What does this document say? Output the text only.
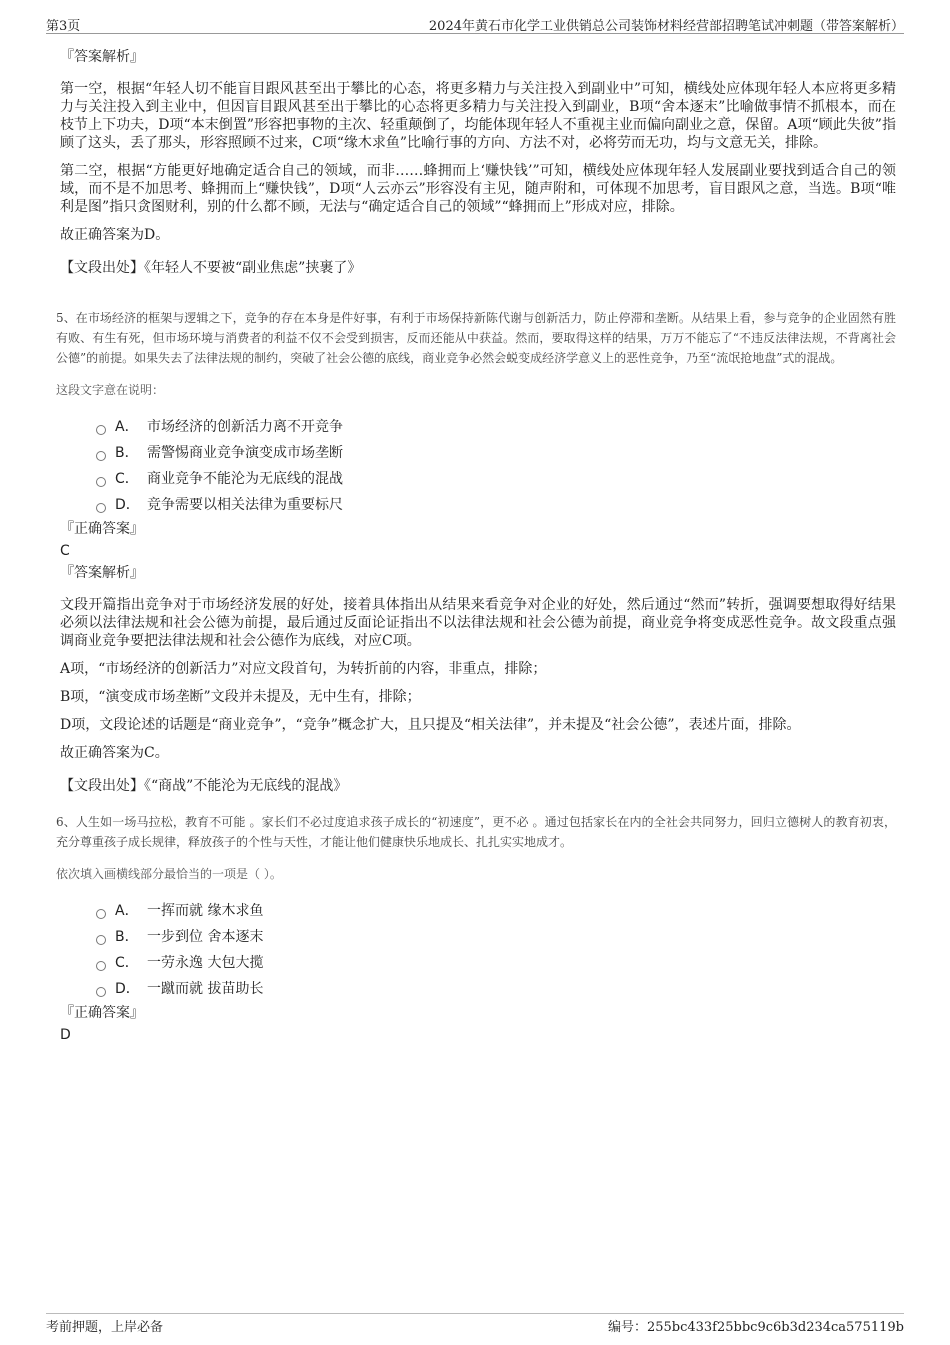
第3页	2024年黄石市化学工业供销总公司装饰材料经营部招聘笔试冲刺题（带答案解析）

『答案解析』

第一空，根据“年轻人切不能盲目跟风甚至出于攀比的心态，将更多精力与关注投入到副业中”可知，横线处应体现年轻人本应将更多精力与关注投入到主业中，但因盲目跟风甚至出于攀比的心态将更多精力与关注投入到副业，B项“舍本逐末”比喻做事情不抓根本，而在枝节上下功夫，D项“本末倒置”形容把事物的主次、轻重颠倒了，均能体现年轻人不重视主业而偏向副业之意，保留。A项“顾此失彼”指顾了这头，丢了那头，形容照顾不过来，C项“缘木求鱼”比喻行事的方向、方法不对，必将劳而无功，均与文意无关，排除。

第二空，根据“方能更好地确定适合自己的领域，而非……蜂拥而上‘赚快钱’”可知，横线处应体现年轻人发展副业要找到适合自己的领域，而不是不加思考、蜂拥而上“赚快钱”，D项“人云亦云”形容没有主见，随声附和，可体现不加思考，盲目跟风之意，当选。B项“唯利是图”指只贪图财利，别的什么都不顾，无法与“确定适合自己的领域”“蜂拥而上”形成对应，排除。

故正确答案为D。

【文段出处】《年轻人不要被“副业焦虑”挟裹了》

5、在市场经济的框架与逻辑之下，竞争的存在本身是件好事，有利于市场保持新陈代谢与创新活力，防止停滞和垄断。从结果上看，参与竞争的企业固然有胜有败、有生有死，但市场环境与消费者的利益不仅不会受到损害，反而还能从中获益。然而，要取得这样的结果，万万不能忘了“不违反法律法规，不背离社会公德”的前提。如果失去了法律法规的制约，突破了社会公德的底线，商业竞争必然会蜕变成经济学意义上的恶性竞争，乃至“流氓抢地盘”式的混战。

这段文字意在说明：

A． 市场经济的创新活力离不开竞争
B． 需警惕商业竞争演变成市场垄断
C． 商业竞争不能沦为无底线的混战
D． 竞争需要以相关法律为重要标尺

『正确答案』

C

『答案解析』

文段开篇指出竞争对于市场经济发展的好处，接着具体指出从结果来看竞争对企业的好处，然后通过“然而”转折，强调要想取得好结果必须以法律法规和社会公德为前提，最后通过反面论证指出不以法律法规和社会公德为前提，商业竞争将变成恶性竞争。故文段重点强调商业竞争要把法律法规和社会公德作为底线，对应C项。

A项，“市场经济的创新活力”对应文段首句，为转折前的内容，非重点，排除；

B项，“演变成市场垄断”文段并未提及，无中生有，排除；

D项，文段论述的话题是“商业竞争”，“竞争”概念扩大，且只提及“相关法律”，并未提及“社会公德”，表述片面，排除。

故正确答案为C。

【文段出处】《“商战”不能沦为无底线的混战》

6、人生如一场马拉松，教育不可能 。家长们不必过度追求孩子成长的“初速度”，更不必 。通过包括家长在内的全社会共同努力，回归立德树人的教育初衷，充分尊重孩子成长规律，释放孩子的个性与天性，才能让他们健康快乐地成长、扎扎实实地成才。

依次填入画横线部分最恰当的一项是（ ）。

A． 一挥而就 缘木求鱼
B． 一步到位 舍本逐末
C． 一劳永逸 大包大揽
D． 一蹴而就 拔苗助长

『正确答案』

D

考前押题，上岸必备	编号：255bc433f25bbc9c6b3d234ca575119b
